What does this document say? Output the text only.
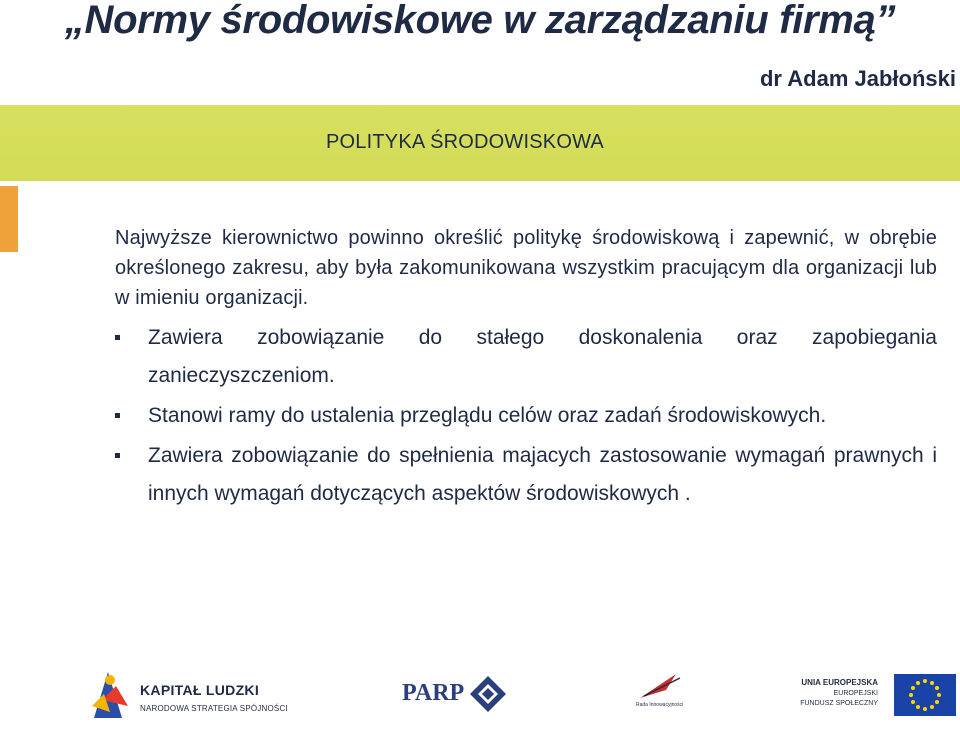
„Normy środowiskowe w zarządzaniu firmą”
dr Adam Jabłoński
POLITYKA ŚRODOWISKOWA

Najwyższe kierownictwo powinno określić politykę środowiskową i zapewnić, w obrębie określonego zakresu, aby była zakomunikowana wszystkim pracującym dla organizacji lub w imieniu organizacji.

Zawiera zobowiązanie do stałego doskonalenia oraz zapobiegania zanieczyszczeniom.
Stanowi ramy do ustalenia przeglądu celów oraz zadań środowiskowych.
Zawiera zobowiązanie do spełnienia majacych zastosowanie wymagań prawnych i innych wymagań dotyczących aspektów środowiskowych .
KAPITAŁ LUDZKI
NARODOWA STRATEGIA SPÓJNOŚCI
PARP	Rada Innowacyjności
UNIA EUROPEJSKA
EUROPEJSKI
FUNDUSZ SPOŁECZNY
